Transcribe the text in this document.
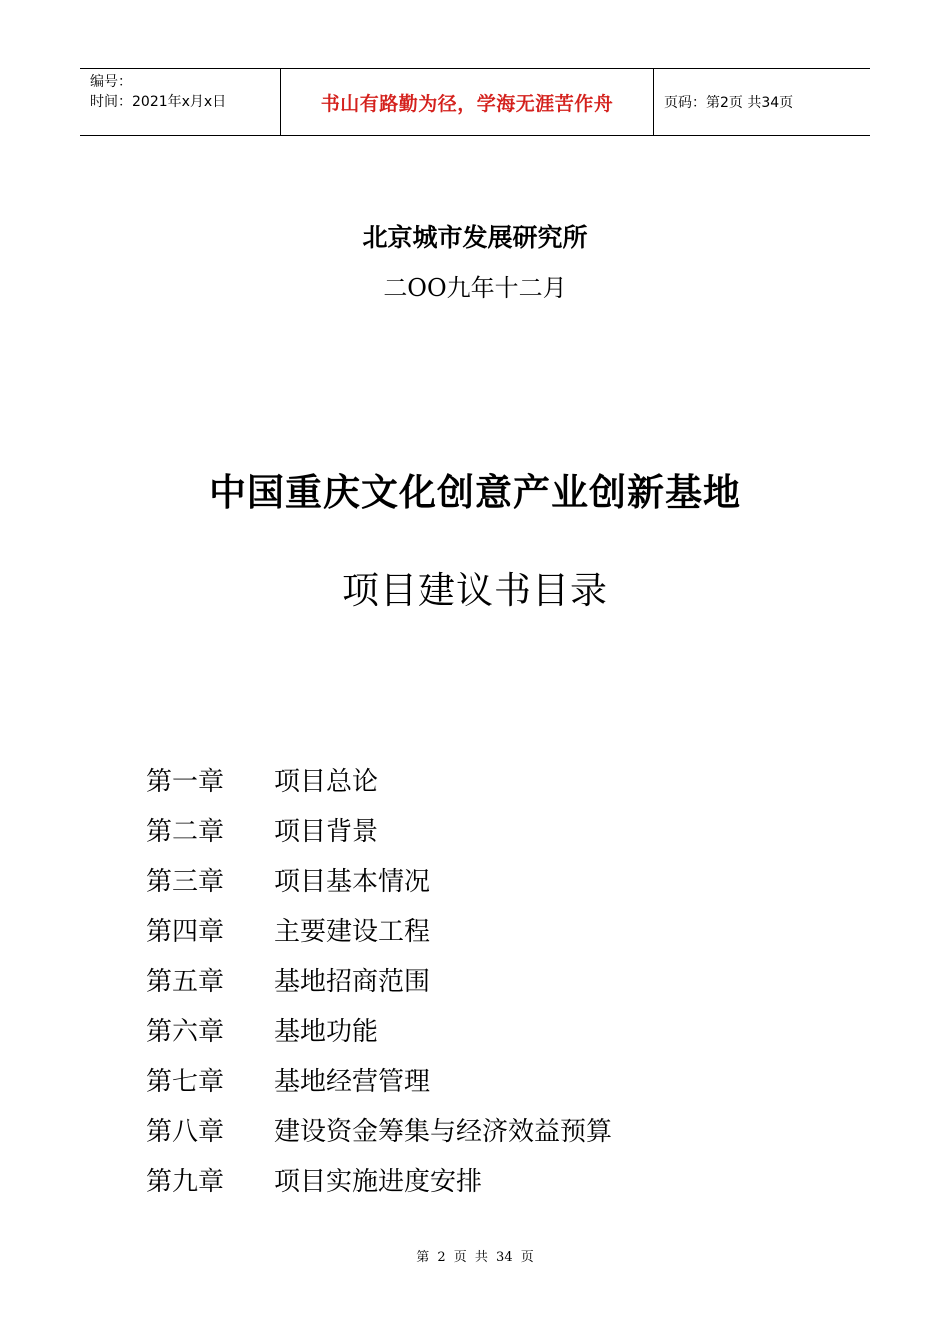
编号：
时间：2021年x月x日	书山有路勤为径，学海无涯苦作舟	页码：第2页 共34页
北京城市发展研究所
二OO九年十二月
中国重庆文化创意产业创新基地
项目建议书目录
第一章	项目总论
第二章	项目背景
第三章	项目基本情况
第四章	主要建设工程
第五章	基地招商范围
第六章	基地功能
第七章	基地经营管理
第八章	建设资金筹集与经济效益预算
第九章	项目实施进度安排
第 2 页 共 34 页
